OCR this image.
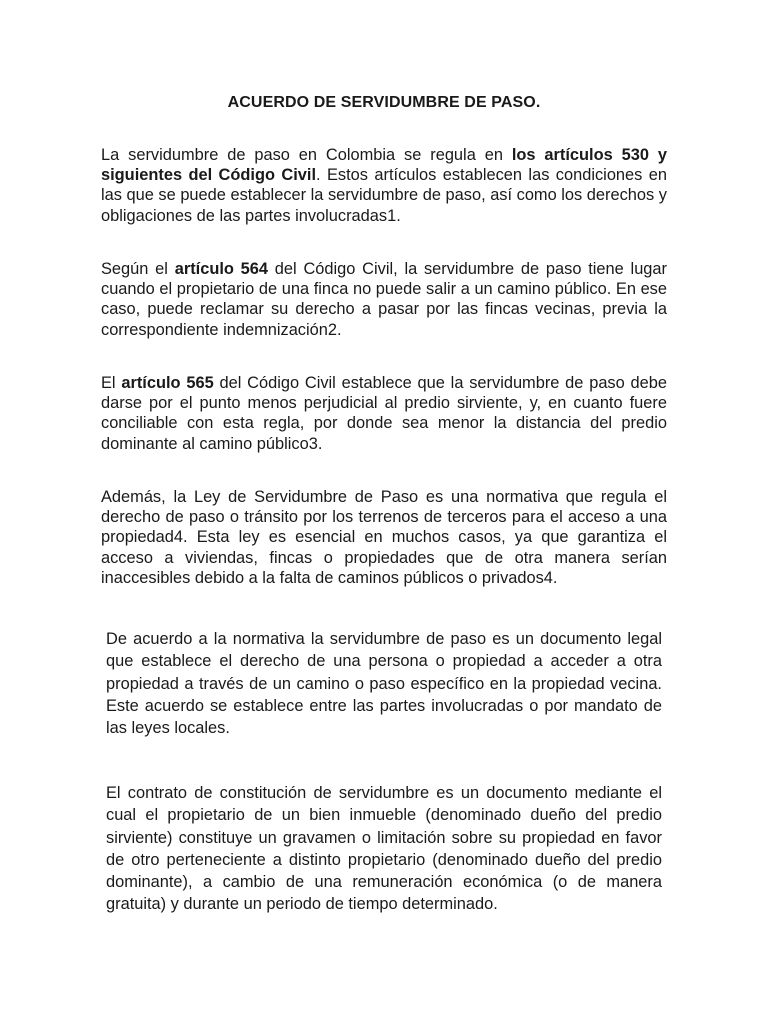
ACUERDO DE SERVIDUMBRE DE PASO.

La servidumbre de paso en Colombia se regula en los artículos 530 y siguientes del Código Civil. Estos artículos establecen las condiciones en las que se puede establecer la servidumbre de paso, así como los derechos y obligaciones de las partes involucradas1.

Según el artículo 564 del Código Civil, la servidumbre de paso tiene lugar cuando el propietario de una finca no puede salir a un camino público. En ese caso, puede reclamar su derecho a pasar por las fincas vecinas, previa la correspondiente indemnización2.

El artículo 565 del Código Civil establece que la servidumbre de paso debe darse por el punto menos perjudicial al predio sirviente, y, en cuanto fuere conciliable con esta regla, por donde sea menor la distancia del predio dominante al camino público3.

Además, la Ley de Servidumbre de Paso es una normativa que regula el derecho de paso o tránsito por los terrenos de terceros para el acceso a una propiedad4. Esta ley es esencial en muchos casos, ya que garantiza el acceso a viviendas, fincas o propiedades que de otra manera serían inaccesibles debido a la falta de caminos públicos o privados4.

De acuerdo a la normativa la servidumbre de paso es un documento legal que establece el derecho de una persona o propiedad a acceder a otra propiedad a través de un camino o paso específico en la propiedad vecina. Este acuerdo se establece entre las partes involucradas o por mandato de las leyes locales.

El contrato de constitución de servidumbre es un documento mediante el cual el propietario de un bien inmueble (denominado dueño del predio sirviente) constituye un gravamen o limitación sobre su propiedad en favor de otro perteneciente a distinto propietario (denominado dueño del predio dominante), a cambio de una remuneración económica (o de manera gratuita) y durante un periodo de tiempo determinado.
